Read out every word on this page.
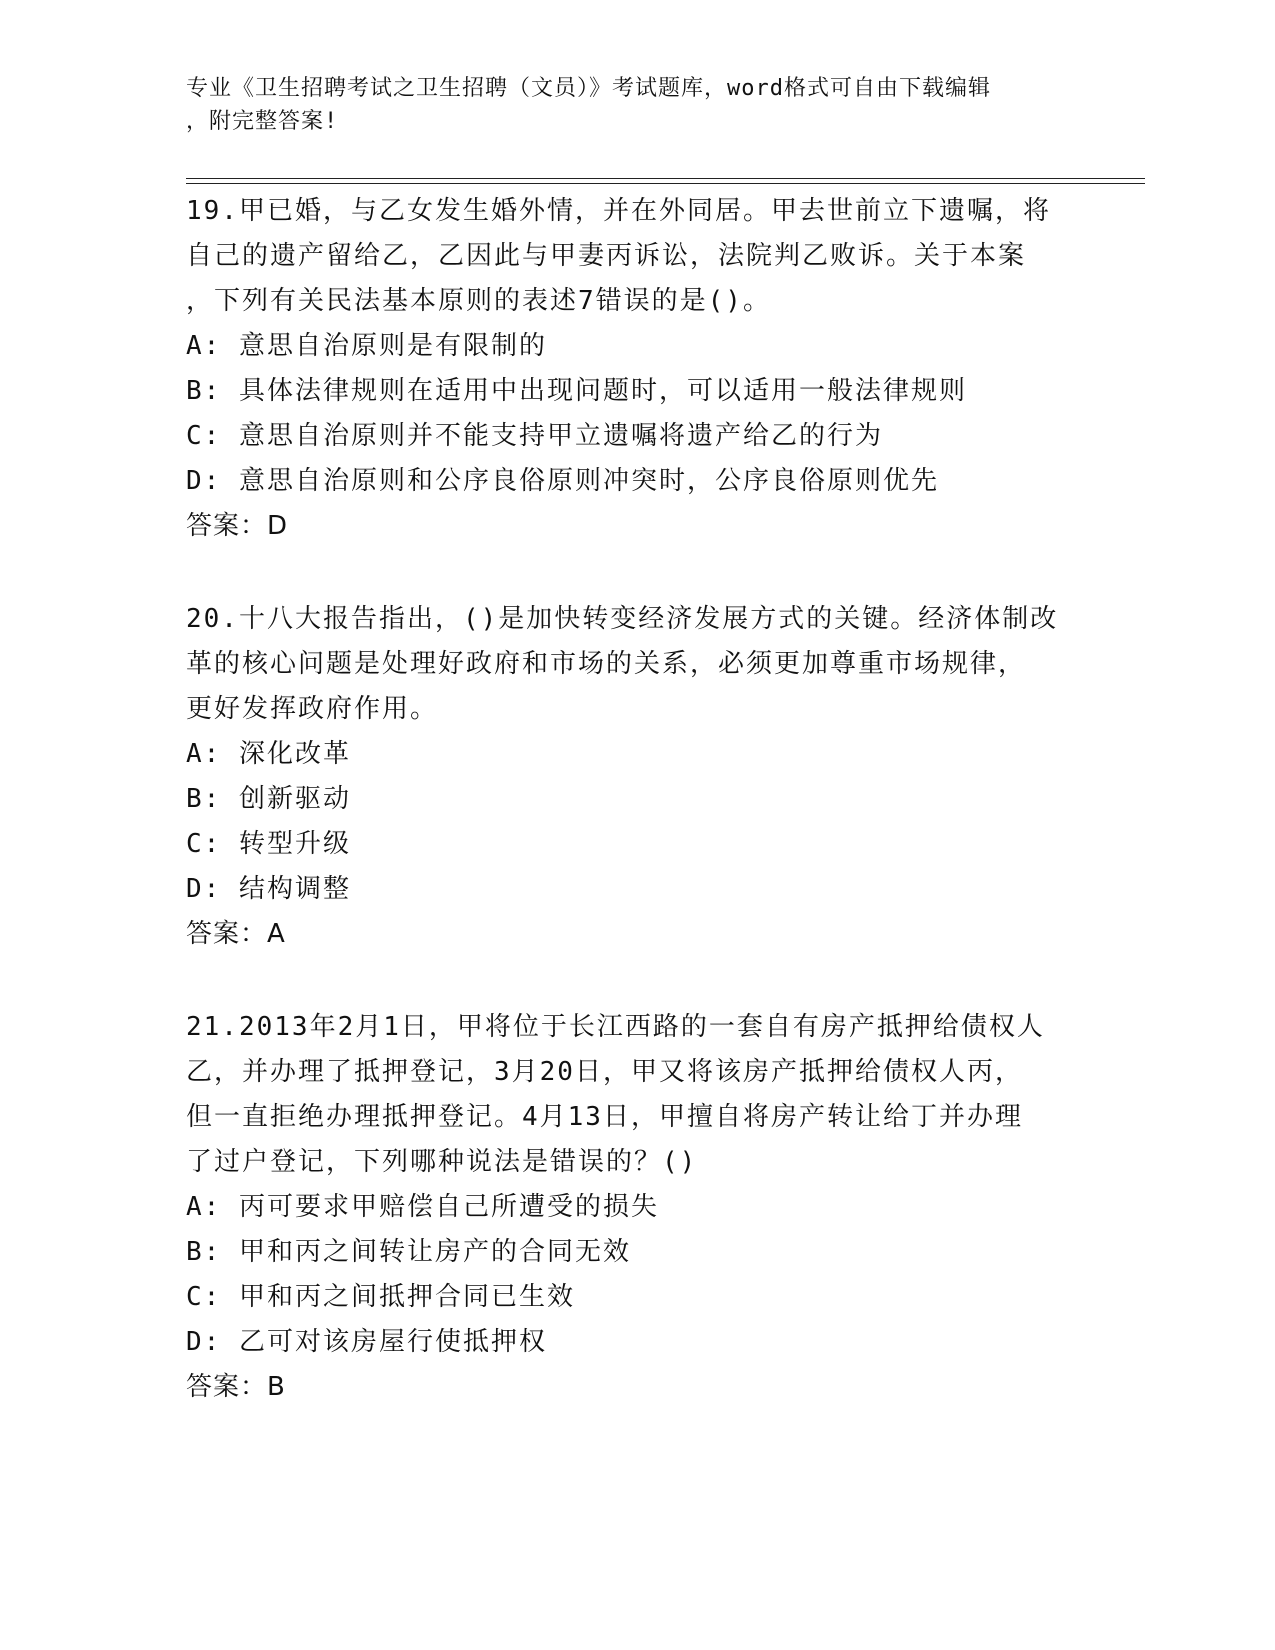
专业《卫生招聘考试之卫生招聘（文员）》考试题库，word格式可自由下载编辑
，附完整答案!
19.甲已婚，与乙女发生婚外情，并在外同居。甲去世前立下遗嘱，将
自己的遗产留给乙，乙因此与甲妻丙诉讼，法院判乙败诉。关于本案
，下列有关民法基本原则的表述7错误的是()。
A: 意思自治原则是有限制的
B: 具体法律规则在适用中出现问题时，可以适用一般法律规则
C: 意思自治原则并不能支持甲立遗嘱将遗产给乙的行为
D: 意思自治原则和公序良俗原则冲突时，公序良俗原则优先
答案：D
20.十八大报告指出，()是加快转变经济发展方式的关键。经济体制改
革的核心问题是处理好政府和市场的关系，必须更加尊重市场规律，
更好发挥政府作用。
A: 深化改革
B: 创新驱动
C: 转型升级
D: 结构调整
答案：A
21.2013年2月1日，甲将位于长江西路的一套自有房产抵押给债权人
乙，并办理了抵押登记，3月20日，甲又将该房产抵押给债权人丙，
但一直拒绝办理抵押登记。4月13日，甲擅自将房产转让给丁并办理
了过户登记，下列哪种说法是错误的？()
A: 丙可要求甲赔偿自己所遭受的损失
B: 甲和丙之间转让房产的合同无效
C: 甲和丙之间抵押合同已生效
D: 乙可对该房屋行使抵押权
答案：B
